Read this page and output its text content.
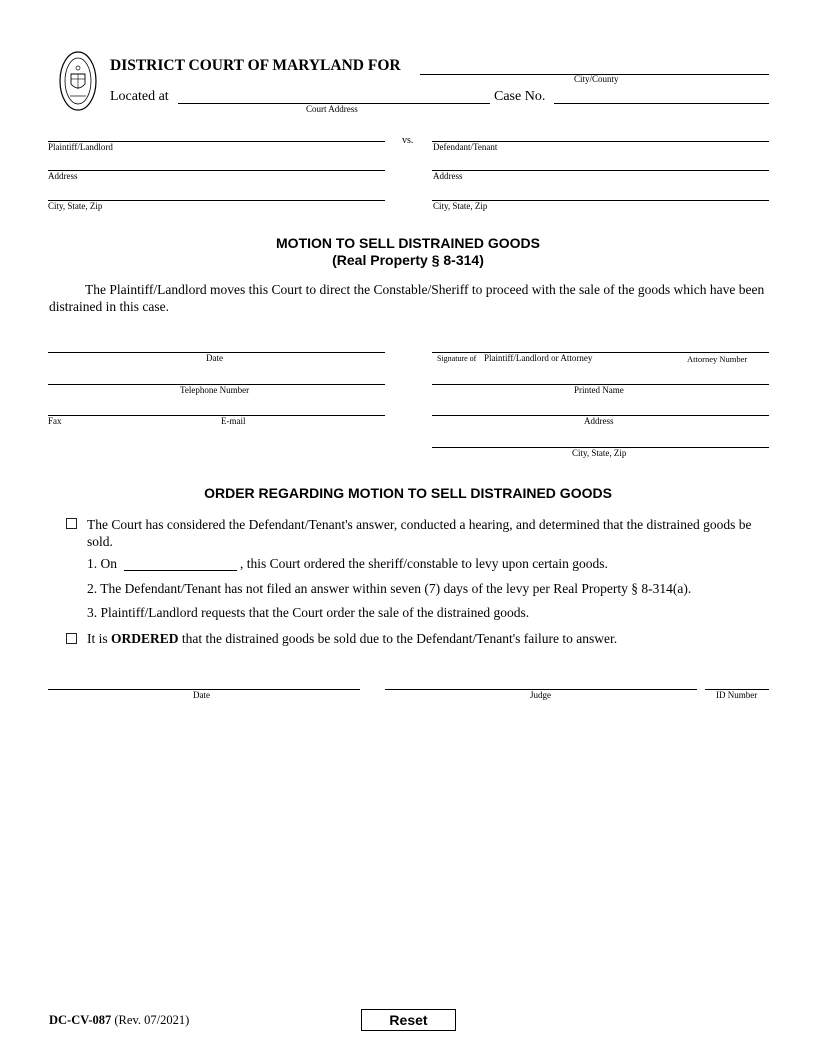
DISTRICT COURT OF MARYLAND FOR
City/County
Located at
Court Address
Case No.
vs.
Plaintiff/Landlord
Address
City, State, Zip
Defendant/Tenant
Address
City, State, Zip
MOTION TO SELL DISTRAINED GOODS
(Real Property § 8-314)
The Plaintiff/Landlord moves this Court to direct the Constable/Sheriff to proceed with the sale of the goods which have been distrained in this case.
Date
Telephone Number
Fax	E-mail
Signature of Plaintiff/Landlord or Attorney	Attorney Number
Printed Name
Address
City, State, Zip
ORDER REGARDING MOTION TO SELL DISTRAINED GOODS
The Court has considered the Defendant/Tenant's answer, conducted a hearing, and determined that the distrained goods be sold.
1. On	, this Court ordered the sheriff/constable to levy upon certain goods.
2. The Defendant/Tenant has not filed an answer within seven (7) days of the levy per Real Property § 8-314(a).
3. Plaintiff/Landlord requests that the Court order the sale of the distrained goods.
It is ORDERED that the distrained goods be sold due to the Defendant/Tenant's failure to answer.
Date	Judge	ID Number
DC-CV-087 (Rev. 07/2021)	Reset
